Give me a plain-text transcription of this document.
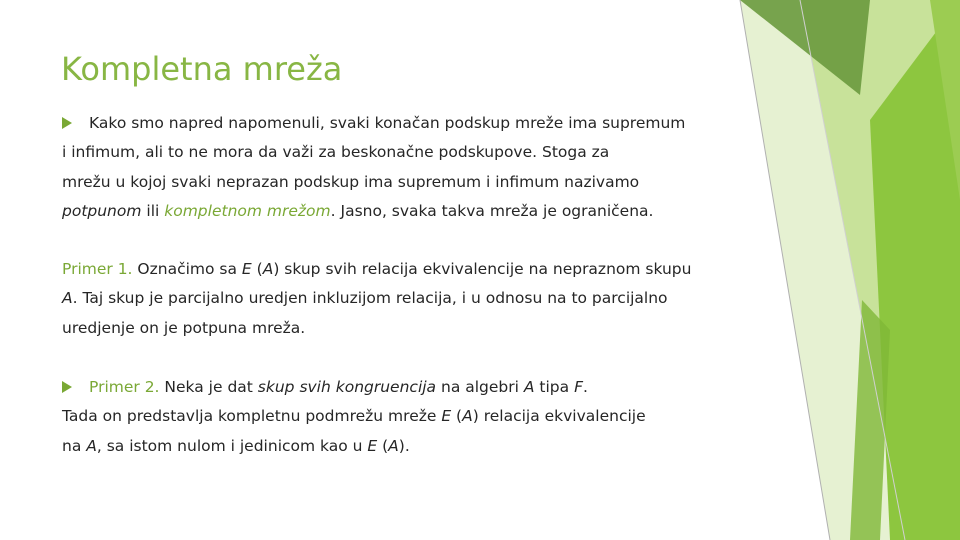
Kompletna mreža
Kako smo napred napomenuli, svaki konačan podskup mreže ima supremum
i infimum, ali to ne mora da važi za beskonačne podskupove. Stoga za
mrežu u kojoj svaki neprazan podskup ima supremum i infimum nazivamo
potpunom ili kompletnom mrežom. Jasno, svaka takva mreža je ograničena.
Primer 1. Označimo sa E (A) skup svih relacija ekvivalencije na nepraznom skupu
A. Taj skup je parcijalno uredjen inkluzijom relacija, i u odnosu na to parcijalno
uredjenje on je potpuna mreža.
Primer 2. Neka je dat skup svih kongruencija na algebri A tipa F.
Tada on predstavlja kompletnu podmrežu mreže E (A) relacija ekvivalencije
na A, sa istom nulom i jedinicom kao u E (A).
